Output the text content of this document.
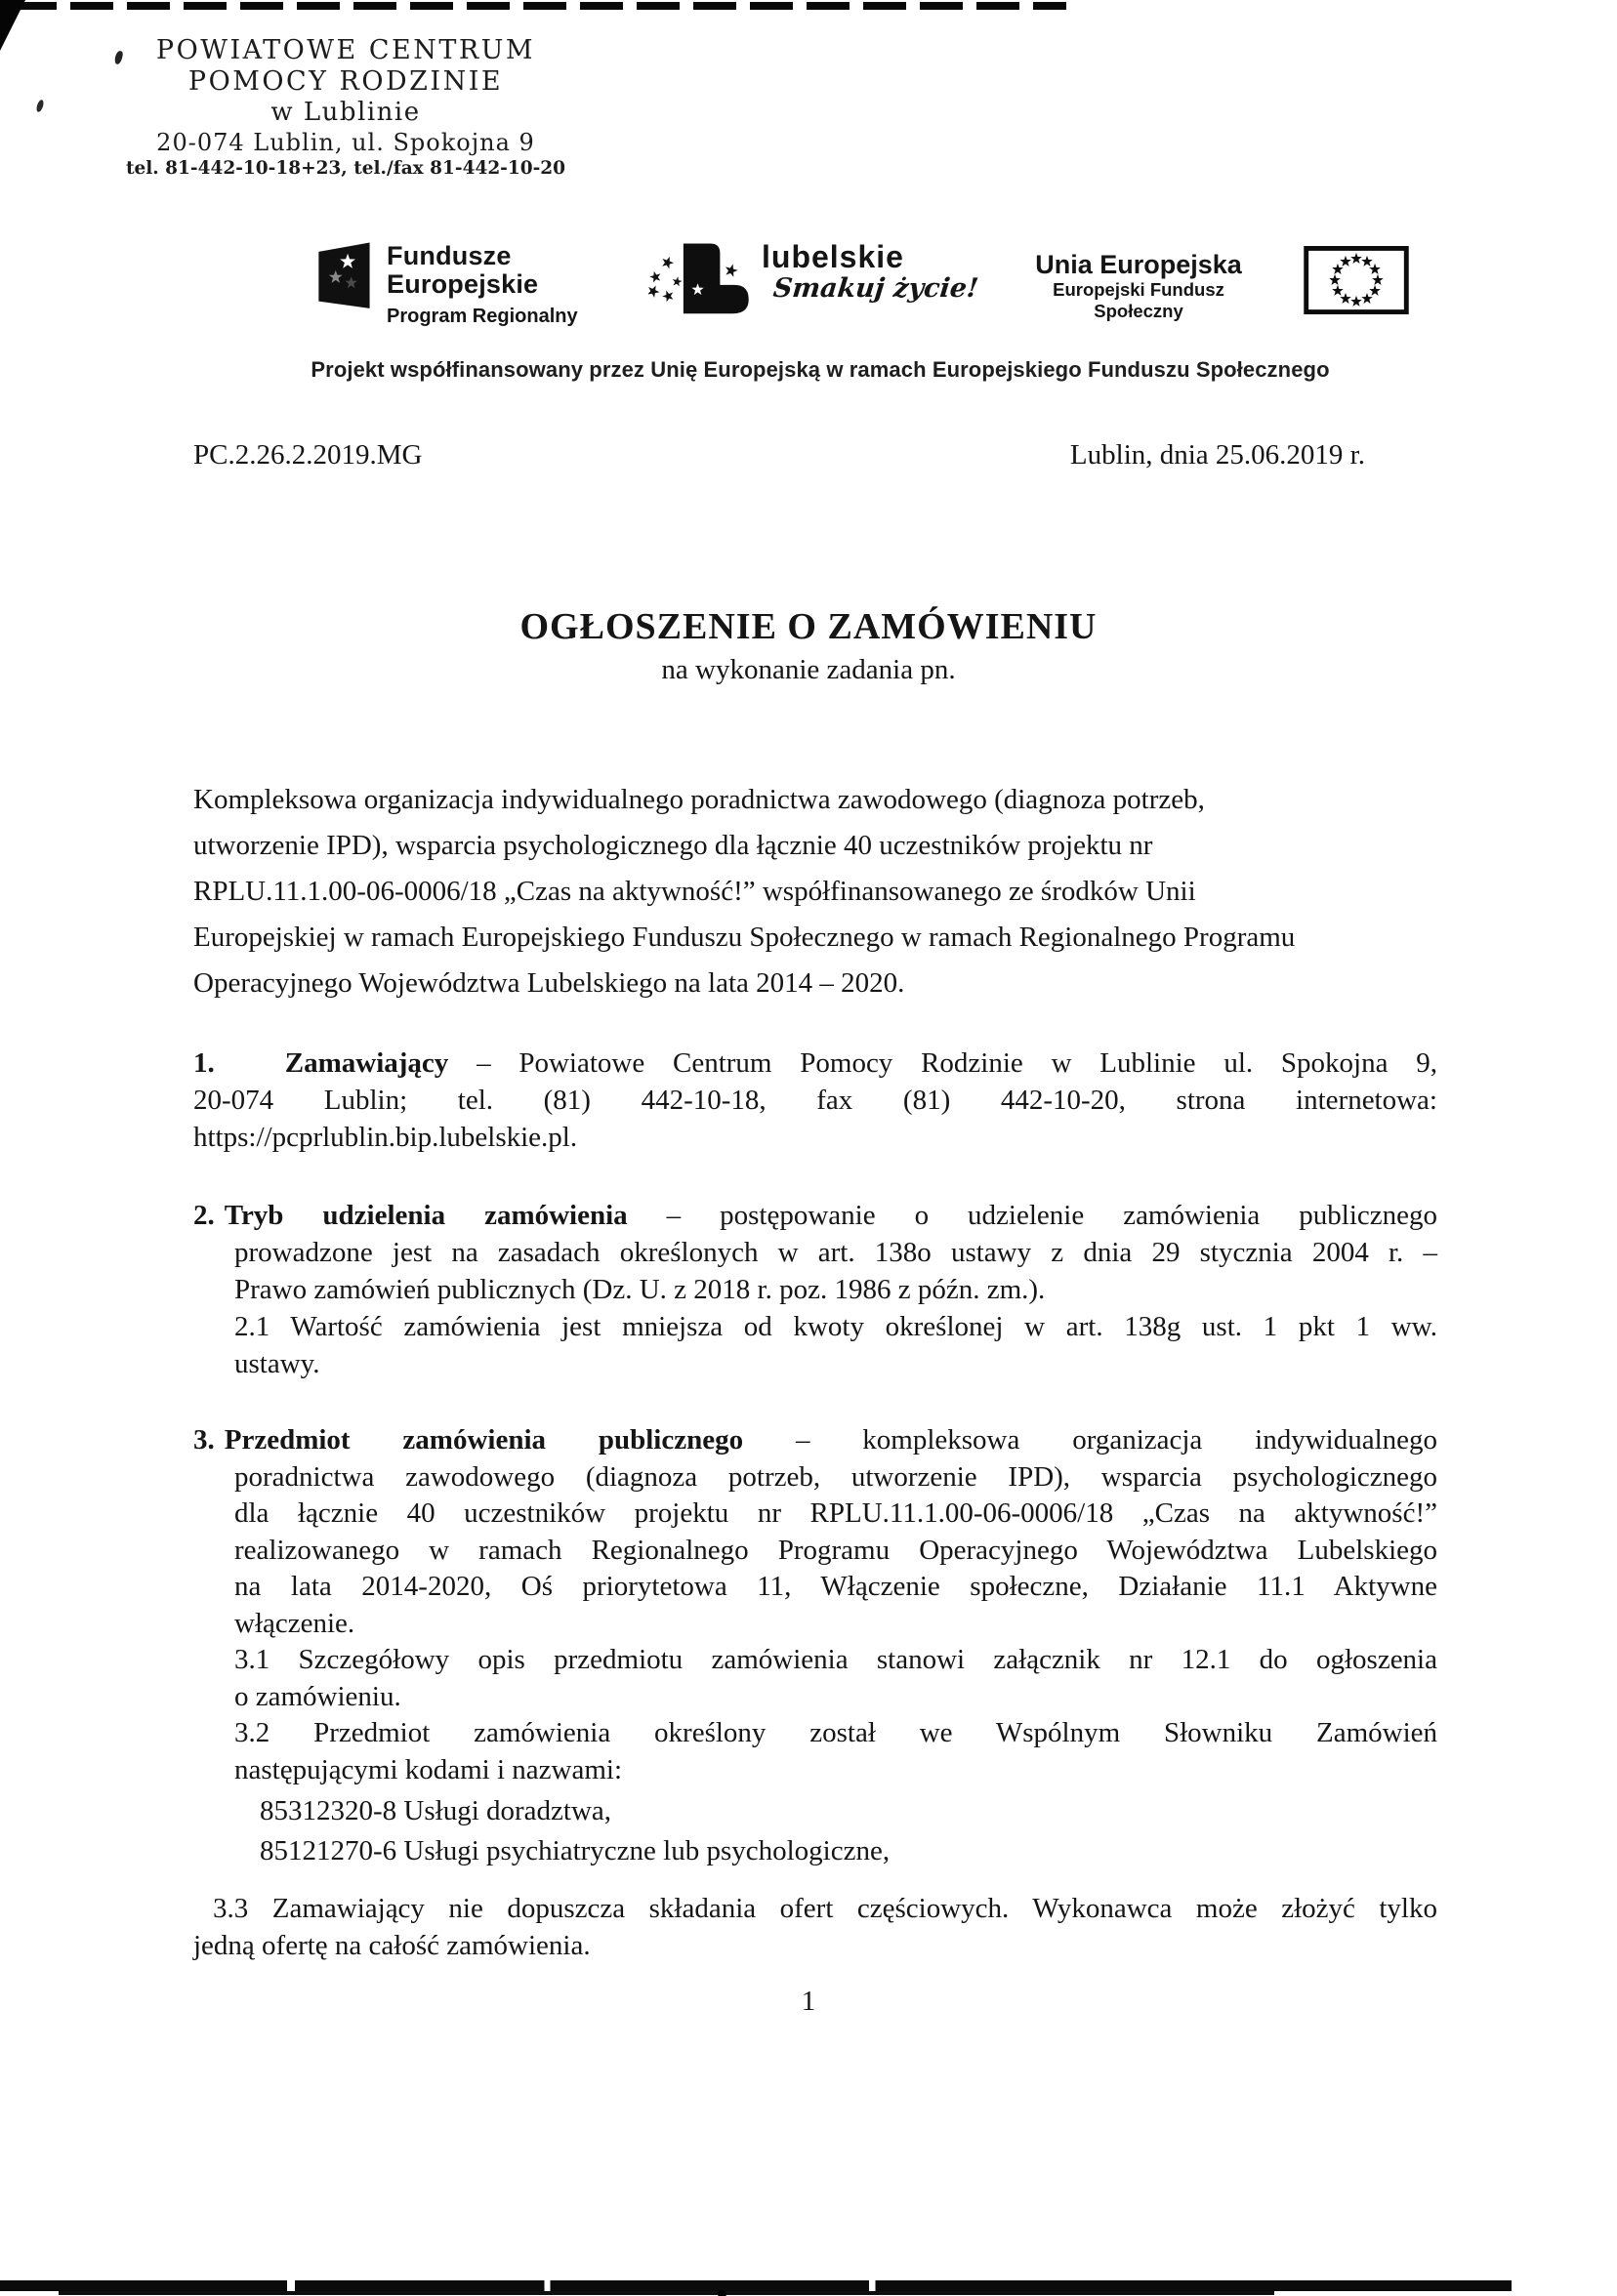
POWIATOWE CENTRUM
POMOCY RODZINIE
w Lublinie
20-074 Lublin, ul. Spokojna 9
tel. 81-442-10-18+23, tel./fax 81-442-10-20
Fundusze
Europejskie
Program Regionalny
lubelskie
Smakuj życie!
Unia Europejska
Europejski Fundusz Społeczny
Projekt współfinansowany przez Unię Europejską w ramach Europejskiego Funduszu Społecznego
PC.2.26.2.2019.MG	Lublin, dnia 25.06.2019 r.
OGŁOSZENIE O ZAMÓWIENIU
na wykonanie zadania pn.
Kompleksowa organizacja indywidualnego poradnictwa zawodowego (diagnoza potrzeb,
utworzenie IPD), wsparcia psychologicznego dla łącznie 40 uczestników projektu nr
RPLU.11.1.00-06-0006/18 „Czas na aktywność!” współfinansowanego ze środków Unii
Europejskiej w ramach Europejskiego Funduszu Społecznego w ramach Regionalnego Programu
Operacyjnego Województwa Lubelskiego na lata 2014 – 2020.
1. Zamawiający – Powiatowe Centrum Pomocy Rodzinie w Lublinie ul. Spokojna 9,
20-074 Lublin; tel. (81) 442-10-18, fax (81) 442-10-20, strona internetowa:
https://pcprlublin.bip.lubelskie.pl.
2. Tryb udzielenia zamówienia – postępowanie o udzielenie zamówienia publicznego
prowadzone jest na zasadach określonych w art. 138o ustawy z dnia 29 stycznia 2004 r. –
Prawo zamówień publicznych (Dz. U. z 2018 r. poz. 1986 z późn. zm.).
2.1 Wartość zamówienia jest mniejsza od kwoty określonej w art. 138g ust. 1 pkt 1 ww.
ustawy.
3. Przedmiot zamówienia publicznego – kompleksowa organizacja indywidualnego
poradnictwa zawodowego (diagnoza potrzeb, utworzenie IPD), wsparcia psychologicznego
dla łącznie 40 uczestników projektu nr RPLU.11.1.00-06-0006/18 „Czas na aktywność!”
realizowanego w ramach Regionalnego Programu Operacyjnego Województwa Lubelskiego
na lata 2014-2020, Oś priorytetowa 11, Włączenie społeczne, Działanie 11.1 Aktywne
włączenie.
3.1 Szczegółowy opis przedmiotu zamówienia stanowi załącznik nr 12.1 do ogłoszenia
o zamówieniu.
3.2 Przedmiot zamówienia określony został we Wspólnym Słowniku Zamówień
następującymi kodami i nazwami:
85312320-8 Usługi doradztwa,
85121270-6 Usługi psychiatryczne lub psychologiczne,
3.3 Zamawiający nie dopuszcza składania ofert częściowych. Wykonawca może złożyć tylko
jedną ofertę na całość zamówienia.
1
